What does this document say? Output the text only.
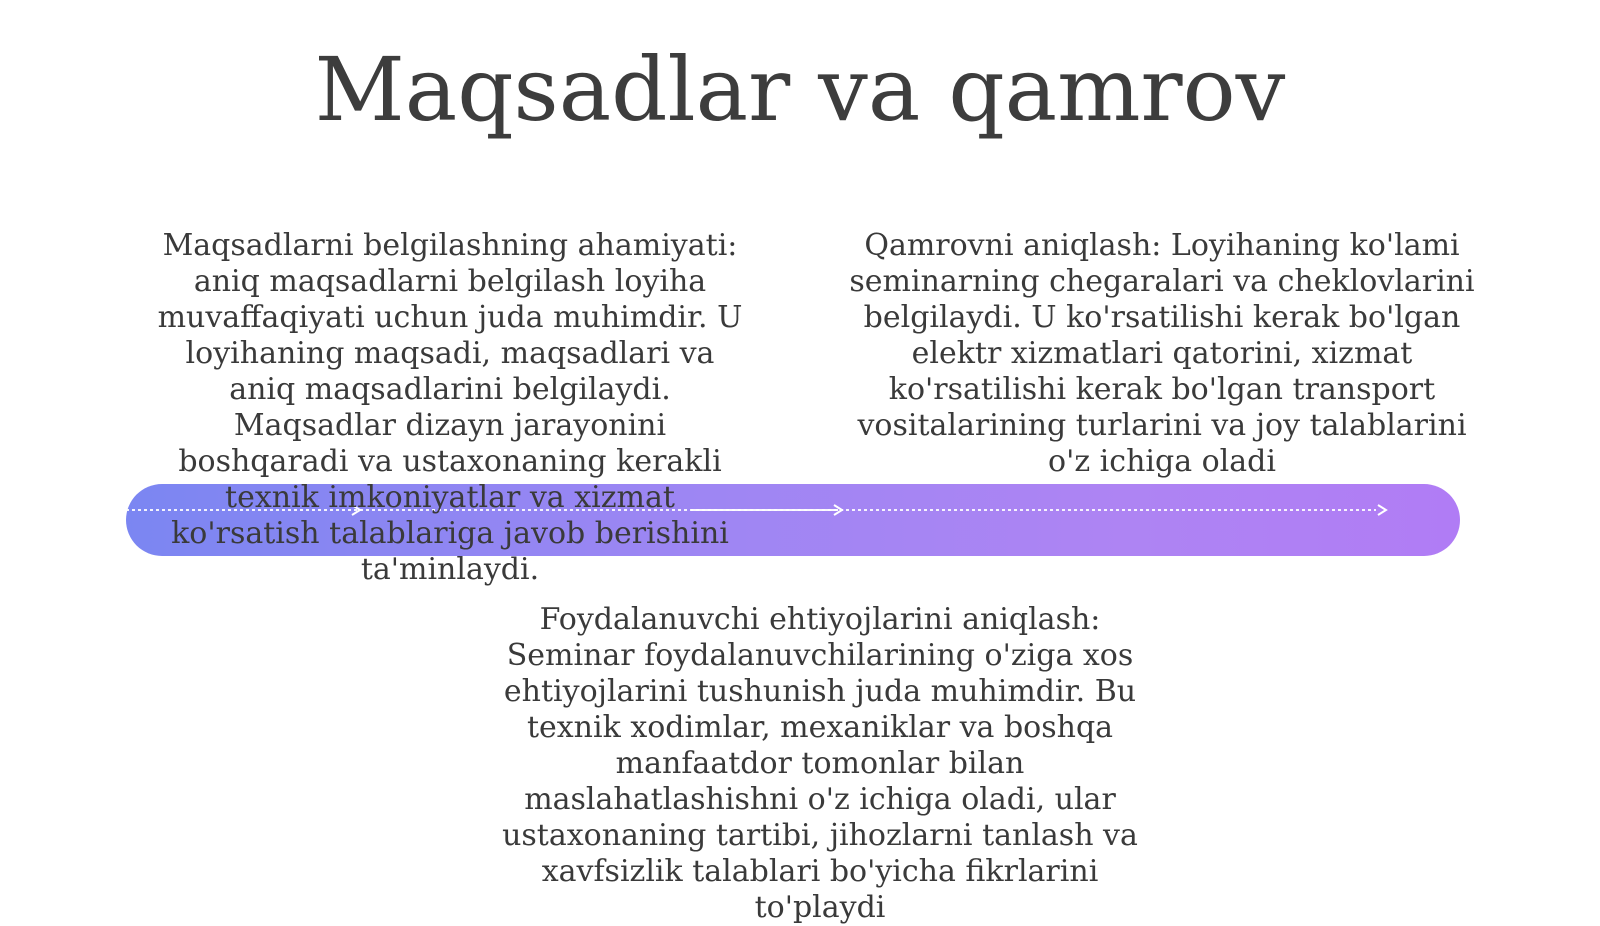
Maqsadlar va qamrov
Maqsadlarni belgilashning ahamiyati: aniq maqsadlarni belgilash loyiha muvaffaqiyati uchun juda muhimdir. U loyihaning maqsadi, maqsadlari va aniq maqsadlarini belgilaydi. Maqsadlar dizayn jarayonini boshqaradi va ustaxonaning kerakli texnik imkoniyatlar va xizmat ko'rsatish talablariga javob berishini ta'minlaydi.
Qamrovni aniqlash: Loyihaning ko'lami seminarning chegaralari va cheklovlarini belgilaydi. U ko'rsatilishi kerak bo'lgan elektr xizmatlari qatorini, xizmat ko'rsatilishi kerak bo'lgan transport vositalarining turlarini va joy talablarini o'z ichiga oladi
Foydalanuvchi ehtiyojlarini aniqlash: Seminar foydalanuvchilarining o'ziga xos ehtiyojlarini tushunish juda muhimdir. Bu texnik xodimlar, mexaniklar va boshqa manfaatdor tomonlar bilan maslahatlashishni o'z ichiga oladi, ular ustaxonaning tartibi, jihozlarni tanlash va xavfsizlik talablari bo'yicha fikrlarini to'playdi
